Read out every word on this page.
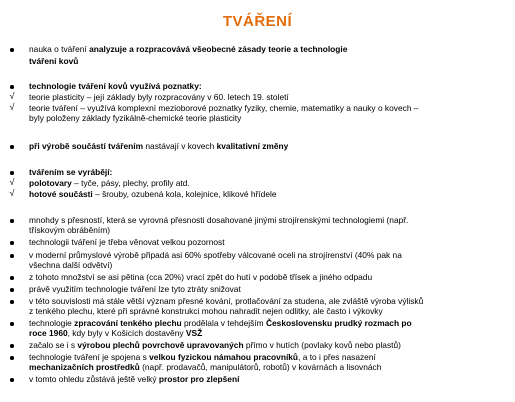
TVÁŘENÍ
nauka o tváření analyzuje a rozpracovává všeobecné zásady teorie a technologie
tváření kovů
technologie tváření kovů využívá poznatky:
√	teorie plasticity – její základy byly rozpracovány v 60. letech 19. století
√	teorie tváření – využívá komplexní mezioborové poznatky fyziky, chemie, matematiky a nauky o kovech –
byly položeny základy fyzikálně-chemické teorie plasticity
při výrobě součástí tvářením nastávají v kovech kvalitativní změny
tvářením se vyrábějí:
√	polotovary – tyče, pásy, plechy, profily atd.
√	hotové součásti – šrouby, ozubená kola, kolejnice, klikové hřídele
mnohdy s přesností, která se vyrovná přesnosti dosahované jinými strojírenskými technologiemi (např.
třískovým obráběním)
technologii tváření je třeba věnovat velkou pozornost
v moderní průmyslové výrobě připadá asi 60% spotřeby válcované oceli na strojírenství (40% pak na
všechna další odvětví)
z tohoto množství se asi pětina (cca 20%) vrací zpět do hutí v podobě třísek a jiného odpadu
právě využitím technologie tváření lze tyto ztráty snižovat
v této souvislosti má stále větší význam přesné kování, protlačování za studena, ale zvláště výroba výlisků
z tenkého plechu, které při správné konstrukci mohou nahradit nejen odlitky, ale často i výkovky
technologie zpracování tenkého plechu prodělala v tehdejším Československu prudký rozmach po
roce 1960, kdy byly v Košicích dostavěny VSŽ
začalo se i s výrobou plechů povrchově upravovaných přímo v hutích (povlaky kovů nebo plastů)
technologie tváření je spojena s velkou fyzickou námahou pracovníků, a to i přes nasazení
mechanizačních prostředků (např. prodavačů, manipulátorů, robotů) v kovárnách a lisovnách
v tomto ohledu zůstává ještě velký prostor pro zlepšení
